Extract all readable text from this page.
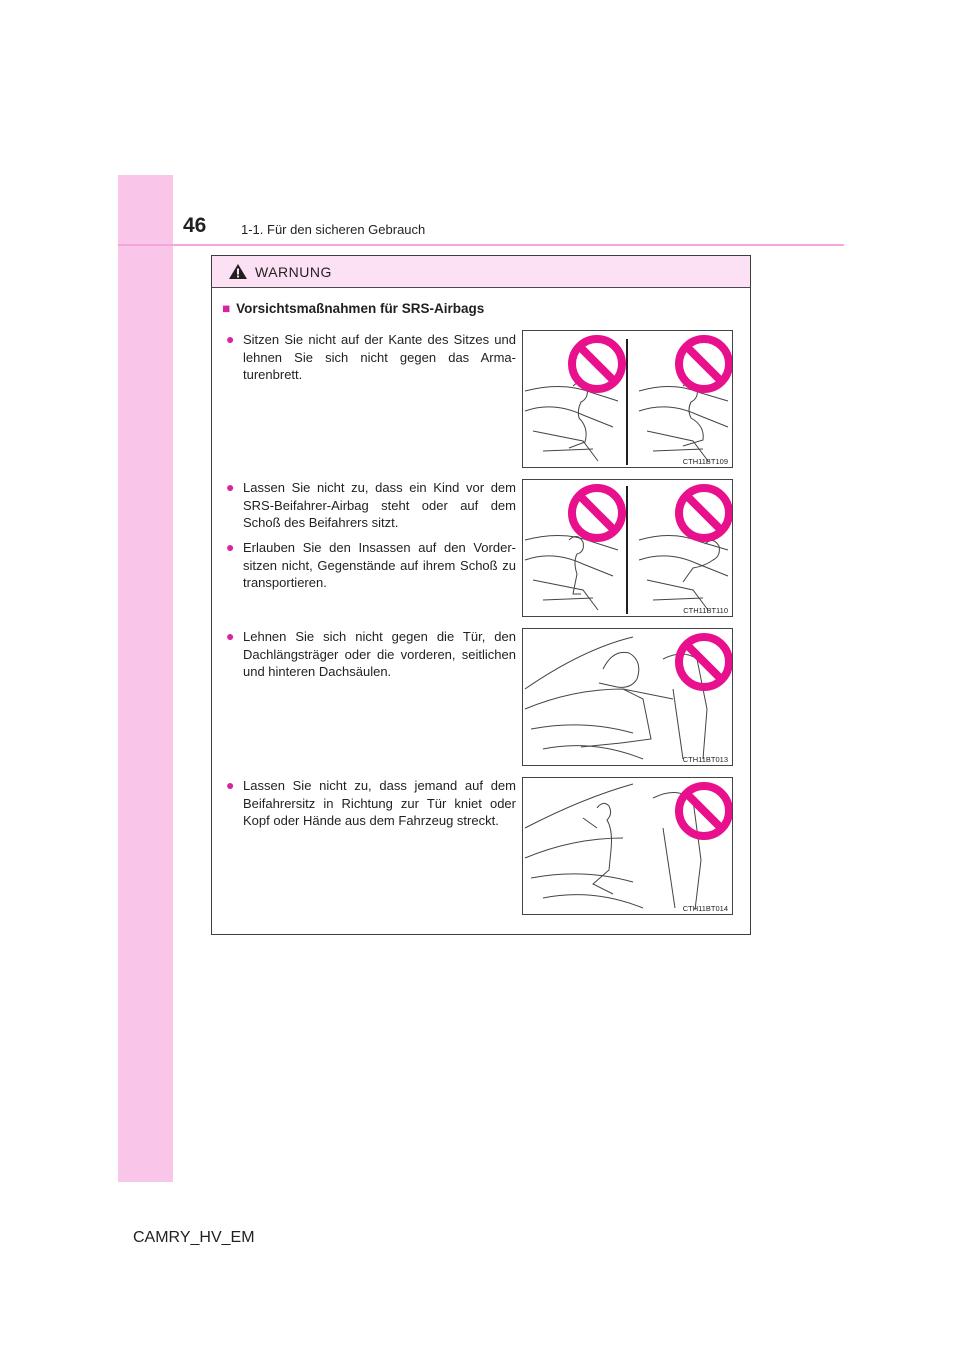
46	1-1. Für den sicheren Gebrauch
WARNUNG
■ Vorsichtsmaßnahmen für SRS-Airbags
● Sitzen Sie nicht auf der Kante des Sitzes und lehnen Sie sich nicht gegen das Armaturenbrett.
● Lassen Sie nicht zu, dass ein Kind vor dem SRS-Beifahrer-Airbag steht oder auf dem Schoß des Beifahrers sitzt.
● Erlauben Sie den Insassen auf den Vordersitzen nicht, Gegenstände auf ihrem Schoß zu transportieren.
● Lehnen Sie sich nicht gegen die Tür, den Dachlängsträger oder die vorderen, seitlichen und hinteren Dachsäulen.
● Lassen Sie nicht zu, dass jemand auf dem Beifahrersitz in Richtung zur Tür kniet oder Kopf oder Hände aus dem Fahrzeug streckt.
CTH11BT109
CTH11BT110
CTH11BT013
CTH11BT014
CAMRY_HV_EM
